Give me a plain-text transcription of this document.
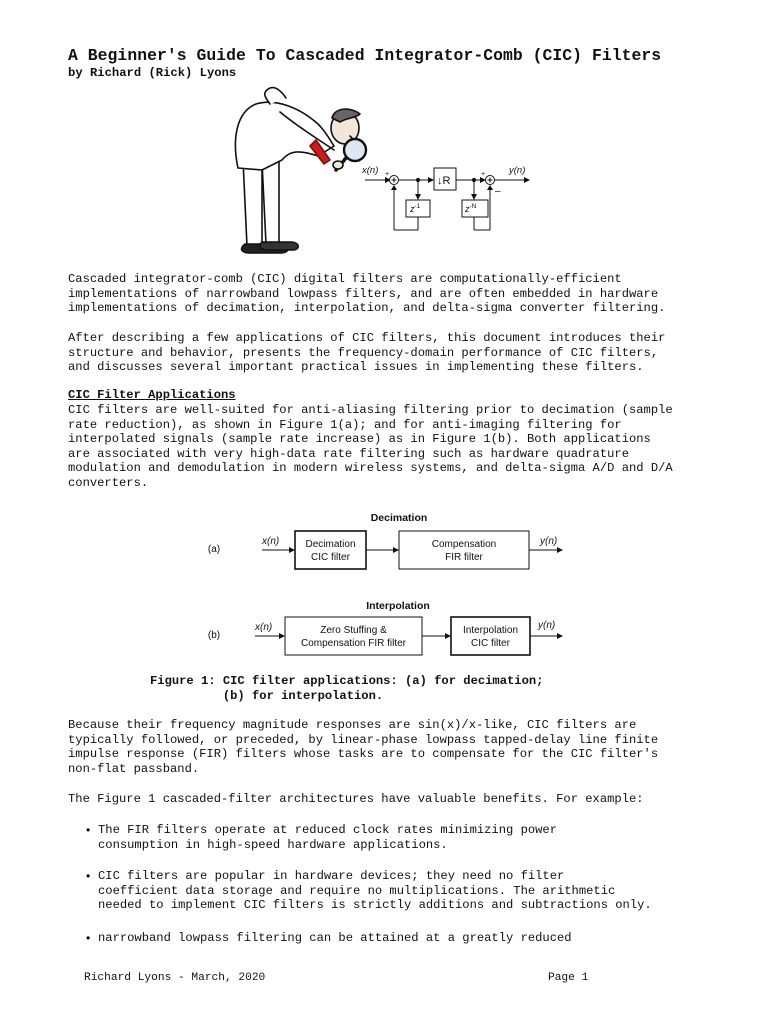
A Beginner's Guide To Cascaded Integrator-Comb (CIC) Filters
by Richard (Rick) Lyons
x(n)	y(n)
+	+
–
↓R
$z^{-1}$	$z^{-N}$
Cascaded integrator-comb (CIC) digital filters are computationally-efficient
implementations of narrowband lowpass filters, and are often embedded in hardware
implementations of decimation, interpolation, and delta-sigma converter filtering.
After describing a few applications of CIC filters, this document introduces their
structure and behavior, presents the frequency-domain performance of CIC filters,
and discusses several important practical issues in implementing these filters.
CIC Filter Applications
CIC filters are well-suited for anti-aliasing filtering prior to decimation (sample
rate reduction), as shown in Figure 1(a); and for anti-imaging filtering for
interpolated signals (sample rate increase) as in Figure 1(b). Both applications
are associated with very high-data rate filtering such as hardware quadrature
modulation and demodulation in modern wireless systems, and delta-sigma A/D and D/A
converters.
Decimation
(a)
x(n)	Decimation
CIC filter
Compensation
FIR filter
y(n)
Interpolation
(b)
x(n)	Zero Stuffing &
Compensation FIR filter
Interpolation
CIC filter
y(n)
Figure 1: CIC filter applications: (a) for decimation;
(b) for interpolation.
Because their frequency magnitude responses are sin(x)/x-like, CIC filters are
typically followed, or preceded, by linear-phase lowpass tapped-delay line finite
impulse response (FIR) filters whose tasks are to compensate for the CIC filter's
non-flat passband.
The Figure 1 cascaded-filter architectures have valuable benefits. For example:
• The FIR filters operate at reduced clock rates minimizing power
consumption in high-speed hardware applications.
• CIC filters are popular in hardware devices; they need no filter
coefficient data storage and require no multiplications. The arithmetic
needed to implement CIC filters is strictly additions and subtractions only.
• narrowband lowpass filtering can be attained at a greatly reduced
Richard Lyons - March, 2020	Page 1
